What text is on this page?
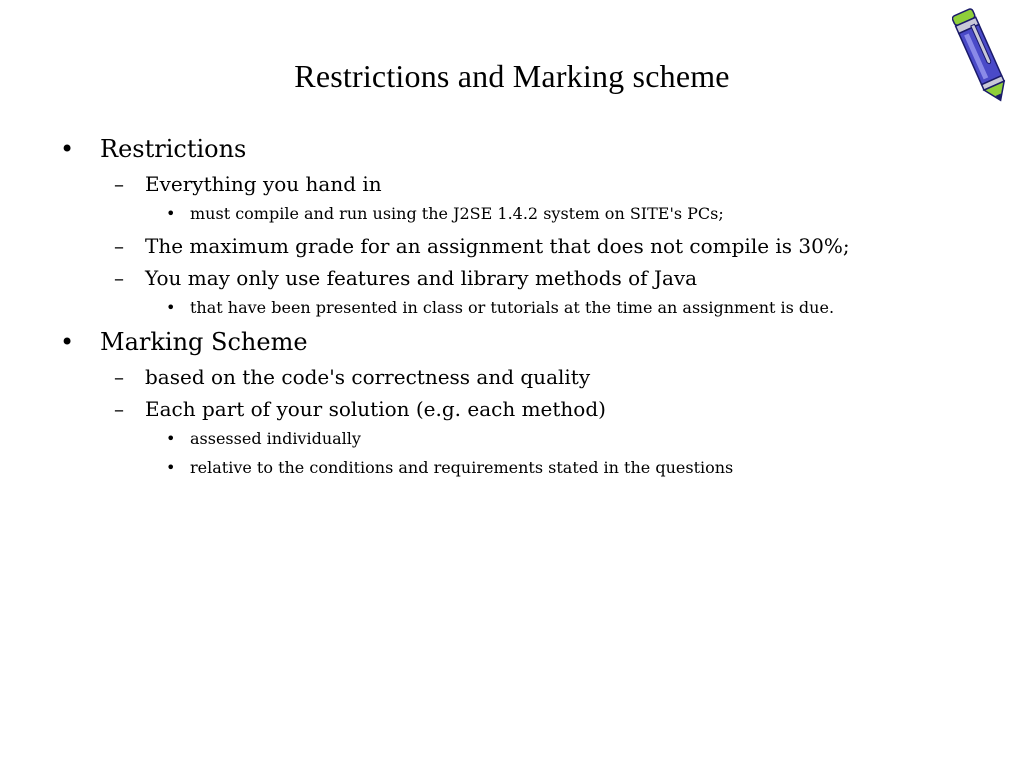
Restrictions and Marking scheme
• Restrictions
– Everything you hand in
• must compile and run using the J2SE 1.4.2 system on SITE's PCs;
– The maximum grade for an assignment that does not compile is 30%;
– You may only use features and library methods of Java
• that have been presented in class or tutorials at the time an assignment is due.
• Marking Scheme
– based on the code's correctness and quality
– Each part of your solution (e.g. each method)
• assessed individually
• relative to the conditions and requirements stated in the questions
